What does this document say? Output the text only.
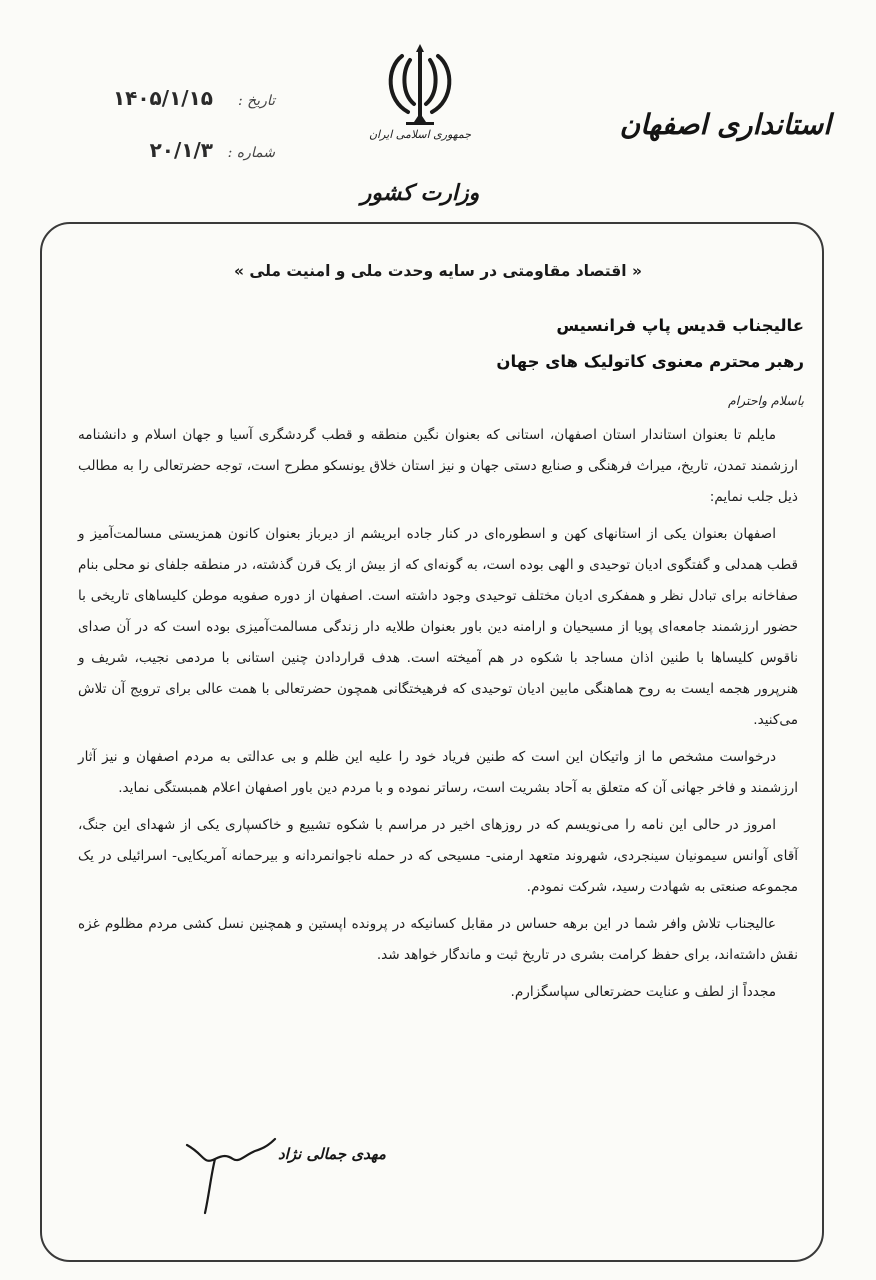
استانداری اصفهان
جمهوری اسلامی ایران
وزارت کشور
تاریخ :
۱۴۰۵/۱/۱۵
شماره :
۲۰/۱/۳
« اقتصاد مقاومتی در سایه وحدت ملی و امنیت ملی »
عالیجناب قدیس پاپ فرانسیس
رهبر محترم معنوی کاتولیک های جهان
باسلام واحترام

مایلم تا بعنوان استاندار استان اصفهان، استانی که بعنوان نگین منطقه و قطب گردشگری آسیا و جهان اسلام و دانشنامه ارزشمند تمدن، تاریخ، میراث فرهنگی و صنایع دستی جهان و نیز استان خلاق یونسکو مطرح است، توجه حضرتعالی را به مطالب ذیل جلب نمایم:

اصفهان بعنوان یکی از استانهای کهن و اسطوره‌ای در کنار جاده ابریشم از دیرباز بعنوان کانون همزیستی مسالمت‌آمیز و قطب همدلی و گفتگوی ادیان توحیدی و الهی بوده است، به گونه‌ای که از بیش از یک قرن گذشته، در منطقه جلفای نو محلی بنام صفاخانه برای تبادل نظر و همفکری ادیان مختلف توحیدی وجود داشته است. اصفهان از دوره صفویه موطن کلیساهای تاریخی با حضور ارزشمند جامعه‌ای پویا از مسیحیان و ارامنه دین باور بعنوان طلایه دار زندگی مسالمت‌آمیزی بوده است که در آن صدای ناقوس کلیساها با طنین اذان مساجد با شکوه در هم آمیخته است. هدف قراردادن چنین استانی با مردمی نجیب، شریف و هنرپرور هجمه ایست به روح هماهنگی مابین ادیان توحیدی که فرهیختگانی همچون حضرتعالی با همت عالی برای ترویج آن تلاش می‌کنید.

درخواست مشخص ما از واتیکان این است که طنین فریاد خود را علیه این ظلم و بی عدالتی به مردم اصفهان و نیز آثار ارزشمند و فاخر جهانی آن که متعلق به آحاد بشریت است، رساتر نموده و با مردم دین باور اصفهان اعلام همبستگی نماید.

امروز در حالی این نامه را می‌نویسم که در روزهای اخیر در مراسم با شکوه تشییع و خاکسپاری یکی از شهدای این جنگ، آقای آوانس سیمونیان سینجردی، شهروند متعهد ارمنی- مسیحی که در حمله ناجوانمردانه و بیرحمانه آمریکایی- اسرائیلی در یک مجموعه صنعتی به شهادت رسید، شرکت نمودم.

عالیجناب تلاش وافر شما در این برهه حساس در مقابل کسانیکه در پرونده اپستین و همچنین نسل کشی مردم مظلوم غزه نقش داشته‌اند، برای حفظ کرامت بشری در تاریخ ثبت و ماندگار خواهد شد.

مجدداً از لطف و عنایت حضرتعالی سپاسگزارم.

مهدی جمالی نژاد
